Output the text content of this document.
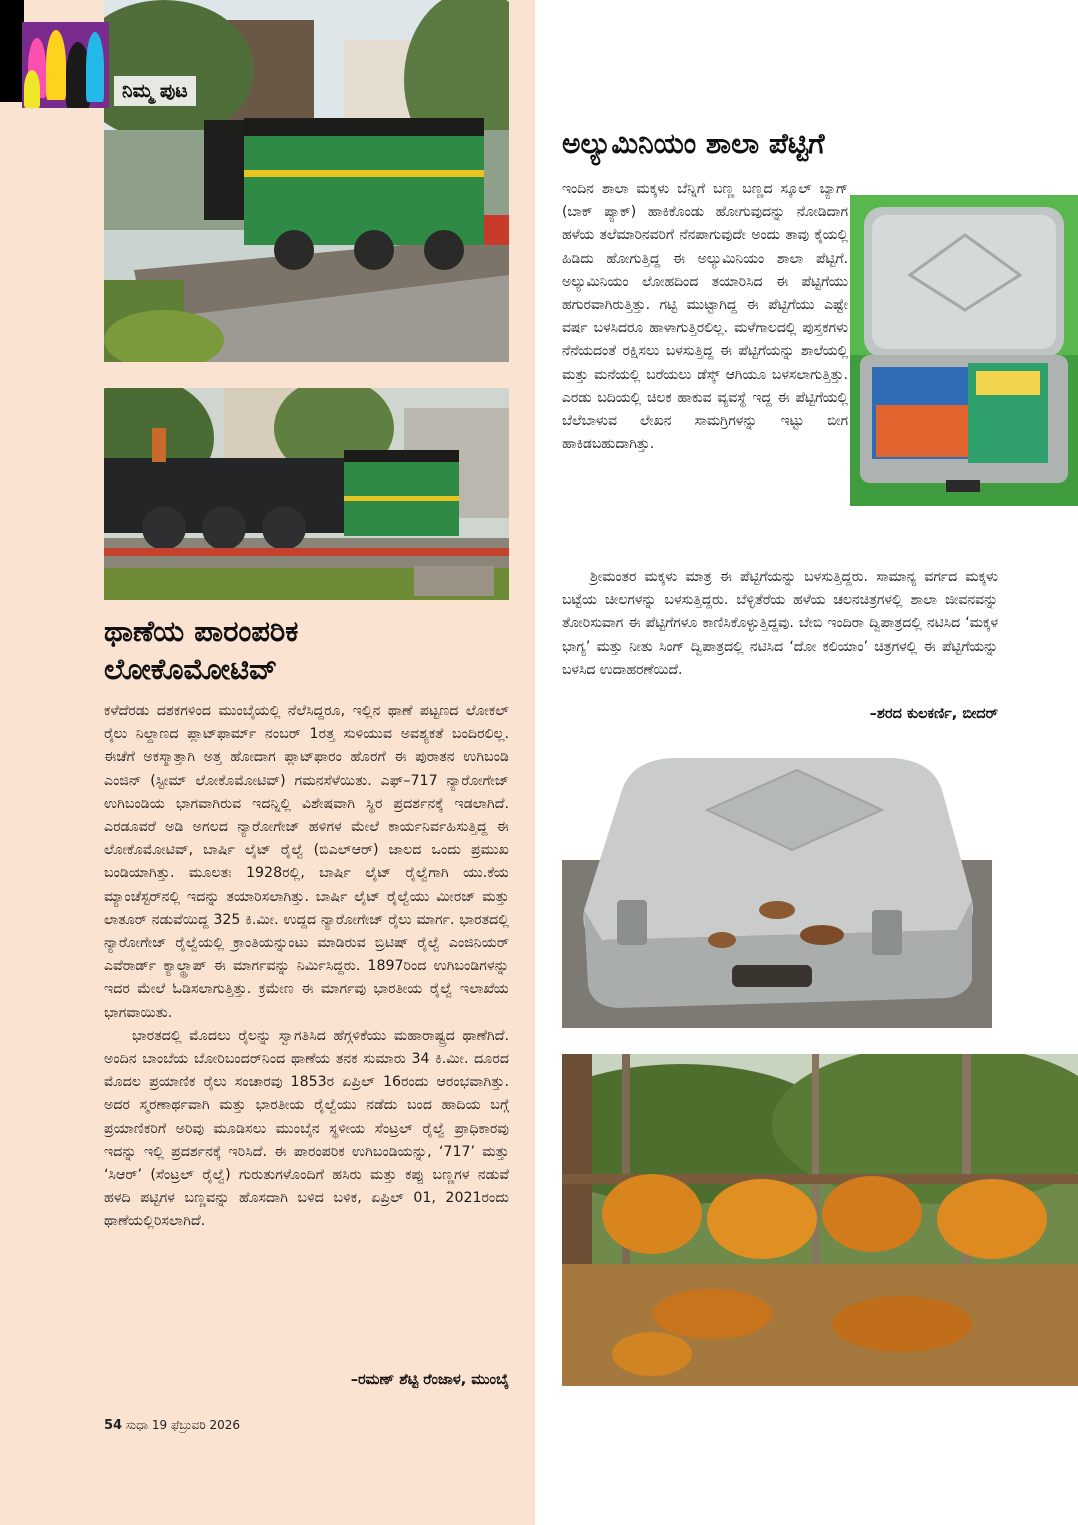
ನಿಮ್ಮ ಪುಟ
ಥಾಣೆಯ ಪಾರಂಪರಿಕ
ಲೋಕೊಮೋಟಿವ್

ಕಳೆದೆರಡು ದಶಕಗಳಿಂದ ಮುಂಬೈಯಲ್ಲಿ ನೆಲೆಸಿದ್ದರೂ, ಇಲ್ಲಿನ ಥಾಣೆ ಪಟ್ಟಣದ ಲೋಕಲ್ ರೈಲು ನಿಲ್ದಾಣದ ಪ್ಲಾಟ್‌ಫಾರ್ಮ್ ನಂಬರ್ 1ರತ್ತ ಸುಳಿಯುವ ಅವಶ್ಯಕತೆ ಬಂದಿರಲಿಲ್ಲ. ಈಚೆಗೆ ಅಕಸ್ಮಾತ್ತಾಗಿ ಅತ್ತ ಹೋದಾಗ ಪ್ಲಾಟ್‌ಫಾರಂ ಹೊರಗೆ ಈ ಪುರಾತನ ಉಗಿಬಂಡಿ ಎಂಜಿನ್ (ಸ್ಟೀಮ್ ಲೋಕೊಮೋಟಿವ್) ಗಮನಸೆಳೆಯಿತು. ಎಫ್–717 ನ್ಯಾರೋಗೇಜ್ ಉಗಿಬಂಡಿಯ ಭಾಗವಾಗಿರುವ ಇದನ್ನಿಲ್ಲಿ ವಿಶೇಷವಾಗಿ ಸ್ಥಿರ ಪ್ರದರ್ಶನಕ್ಕೆ ಇಡಲಾಗಿದೆ. ಎರಡೂವರೆ ಅಡಿ ಅಗಲದ ನ್ಯಾರೋಗೇಜ್ ಹಳಿಗಳ ಮೇಲೆ ಕಾರ್ಯನಿರ್ವಹಿಸುತ್ತಿದ್ದ ಈ ಲೋಕೊಮೋಟಿವ್, ಬಾರ್ಷಿ ಲೈಟ್ ರೈಲ್ವೆ (ಬಿಎಲ್‌ಆರ್) ಜಾಲದ ಒಂದು ಪ್ರಮುಖ ಬಂಡಿಯಾಗಿತ್ತು. ಮೂಲತಃ 1928ರಲ್ಲಿ, ಬಾರ್ಷಿ ಲೈಟ್ ರೈಲ್ವೆಗಾಗಿ ಯು.ಕೆಯ ಮ್ಯಾಂಚೆಸ್ಟರ್‌ನಲ್ಲಿ ಇದನ್ನು ತಯಾರಿಸಲಾಗಿತ್ತು. ಬಾರ್ಷಿ ಲೈಟ್ ರೈಲ್ವೆಯು ಮೀರಜ್ ಮತ್ತು ಲಾತೂರ್ ನಡುವೆಯಿದ್ದ 325 ಕಿ.ಮೀ. ಉದ್ದದ ನ್ಯಾರೋಗೇಜ್ ರೈಲು ಮಾರ್ಗ. ಭಾರತದಲ್ಲಿ ನ್ಯಾರೋಗೇಜ್ ರೈಲ್ವೆಯಲ್ಲಿ ಕ್ರಾಂತಿಯನ್ನುಂಟು ಮಾಡಿರುವ ಬ್ರಿಟಿಷ್ ರೈಲ್ವೆ ಎಂಜಿನಿಯರ್ ಎವೆರಾರ್ಡ್ ಕ್ಯಾಲ್ಥ್ರಾಪ್ ಈ ಮಾರ್ಗವನ್ನು ನಿರ್ಮಿಸಿದ್ದರು. 1897ರಿಂದ ಉಗಿಬಂಡಿಗಳನ್ನು ಇದರ ಮೇಲೆ ಓಡಿಸಲಾಗುತ್ತಿತ್ತು. ಕ್ರಮೇಣ ಈ ಮಾರ್ಗವು ಭಾರತೀಯ ರೈಲ್ವೆ ಇಲಾಖೆಯ ಭಾಗವಾಯಿತು.

ಭಾರತದಲ್ಲಿ ಮೊದಲು ರೈಲನ್ನು ಸ್ವಾಗತಿಸಿದ ಹೆಗ್ಗಳಿಕೆಯು ಮಹಾರಾಷ್ಟ್ರದ ಥಾಣೆಗಿದೆ. ಅಂದಿನ ಬಾಂಬೆಯ ಬೋರಿಬಂದರ್‌ನಿಂದ ಥಾಣೆಯ ತನಕ ಸುಮಾರು 34 ಕಿ.ಮೀ. ದೂರದ ಮೊದಲ ಪ್ರಯಾಣಿಕ ರೈಲು ಸಂಚಾರವು 1853ರ ಏಪ್ರಿಲ್ 16ರಂದು ಆರಂಭವಾಗಿತ್ತು. ಅದರ ಸ್ಮರಣಾರ್ಥವಾಗಿ ಮತ್ತು ಭಾರತೀಯ ರೈಲ್ವೆಯು ನಡೆದು ಬಂದ ಹಾದಿಯ ಬಗ್ಗೆ ಪ್ರಯಾಣಿಕರಿಗೆ ಅರಿವು ಮೂಡಿಸಲು ಮುಂಬೈನ ಸ್ಥಳೀಯ ಸೆಂಟ್ರಲ್ ರೈಲ್ವೆ ಪ್ರಾಧಿಕಾರವು ಇದನ್ನು ಇಲ್ಲಿ ಪ್ರದರ್ಶನಕ್ಕೆ ಇರಿಸಿದೆ. ಈ ಪಾರಂಪರಿಕ ಉಗಿಬಂಡಿಯನ್ನು, ‘717’ ಮತ್ತು ‘ಸಿಆರ್’ (ಸೆಂಟ್ರಲ್ ರೈಲ್ವೆ) ಗುರುತುಗಳೊಂದಿಗೆ ಹಸಿರು ಮತ್ತು ಕಪ್ಪು ಬಣ್ಣಗಳ ನಡುವೆ ಹಳದಿ ಪಟ್ಟಿಗಳ ಬಣ್ಣವನ್ನು ಹೊಸದಾಗಿ ಬಳಿದ ಬಳಿಕ, ಏಪ್ರಿಲ್ 01, 2021ರಂದು ಥಾಣೆಯಲ್ಲಿರಿಸಲಾಗಿದೆ.

–ರಮಣ್ ಶೆಟ್ಟಿ ರೆಂಜಾಳ, ಮುಂಬೈ
54 ಸುಧಾ 19 ಫೆಬ್ರುವರಿ 2026
ಅಲ್ಯುಮಿನಿಯಂ ಶಾಲಾ ಪೆಟ್ಟಿಗೆ

ಇಂದಿನ ಶಾಲಾ ಮಕ್ಕಳು ಬೆನ್ನಿಗೆ ಬಣ್ಣ ಬಣ್ಣದ ಸ್ಕೂಲ್ ಬ್ಯಾಗ್ (ಬಾಕ್ ಪ್ಯಾಕ್) ಹಾಕಿಕೊಂಡು ಹೋಗುವುದನ್ನು ನೋಡಿದಾಗ ಹಳೆಯ ತಲೆಮಾರಿನವರಿಗೆ ನೆನಪಾಗುವುದೇ ಅಂದು ತಾವು ಕೈಯಲ್ಲಿ ಹಿಡಿದು ಹೋಗುತ್ತಿದ್ದ ಈ ಅಲ್ಯುಮಿನಿಯಂ ಶಾಲಾ ಪೆಟ್ಟಿಗೆ. ಅಲ್ಯುಮಿನಿಯಂ ಲೋಹದಿಂದ ತಯಾರಿಸಿದ ಈ ಪೆಟ್ಟಿಗೆಯು ಹಗುರವಾಗಿರುತ್ತಿತ್ತು. ಗಟ್ಟಿ ಮುಟ್ಟಾಗಿದ್ದ ಈ ಪೆಟ್ಟಿಗೆಯು ಎಷ್ಟೇ ವರ್ಷ ಬಳಸಿದರೂ ಹಾಳಾಗುತ್ತಿರಲಿಲ್ಲ. ಮಳೆಗಾಲದಲ್ಲಿ ಪುಸ್ತಕಗಳು ನೆನೆಯದಂತೆ ರಕ್ಷಿಸಲು ಬಳಸುತ್ತಿದ್ದ ಈ ಪೆಟ್ಟಿಗೆಯನ್ನು ಶಾಲೆಯಲ್ಲಿ ಮತ್ತು ಮನೆಯಲ್ಲಿ ಬರೆಯಲು ಡೆಸ್ಕ್ ಆಗಿಯೂ ಬಳಸಲಾಗುತ್ತಿತ್ತು. ಎರಡು ಬದಿಯಲ್ಲಿ ಚಿಲಕ ಹಾಕುವ ವ್ಯವಸ್ಥೆ ಇದ್ದ ಈ ಪೆಟ್ಟಿಗೆಯಲ್ಲಿ ಬೆಲೆಬಾಳುವ ಲೇಖನ ಸಾಮಗ್ರಿಗಳನ್ನು ಇಟ್ಟು ಬೀಗ ಹಾಕಿಡಬಹುದಾಗಿತ್ತು.

ಶ್ರೀಮಂತರ ಮಕ್ಕಳು ಮಾತ್ರ ಈ ಪೆಟ್ಟಿಗೆಯನ್ನು ಬಳಸುತ್ತಿದ್ದರು. ಸಾಮಾನ್ಯ ವರ್ಗದ ಮಕ್ಕಳು ಬಟ್ಟೆಯ ಚೀಲಗಳನ್ನು ಬಳಸುತ್ತಿದ್ದರು. ಬೆಳ್ಳಿತೆರೆಯ ಹಳೆಯ ಚಲನಚಿತ್ರಗಳಲ್ಲಿ ಶಾಲಾ ಜೀವನವನ್ನು ತೋರಿಸುವಾಗ ಈ ಪೆಟ್ಟಿಗೆಗಳೂ ಕಾಣಿಸಿಕೊಳ್ಳುತ್ತಿದ್ದವು. ಬೇಬಿ ಇಂದಿರಾ ದ್ವಿಪಾತ್ರದಲ್ಲಿ ನಟಿಸಿದ ‘ಮಕ್ಕಳ ಭಾಗ್ಯ’ ಮತ್ತು ನೀತು ಸಿಂಗ್ ದ್ವಿಪಾತ್ರದಲ್ಲಿ ನಟಿಸಿದ ‘ದೋ ಕಲಿಯಾಂ’ ಚಿತ್ರಗಳಲ್ಲಿ ಈ ಪೆಟ್ಟಿಗೆಯನ್ನು ಬಳಸಿದ ಉದಾಹರಣೆಯಿದೆ.

–ಶರದ ಕುಲಕರ್ಣಿ, ಬೀದರ್
